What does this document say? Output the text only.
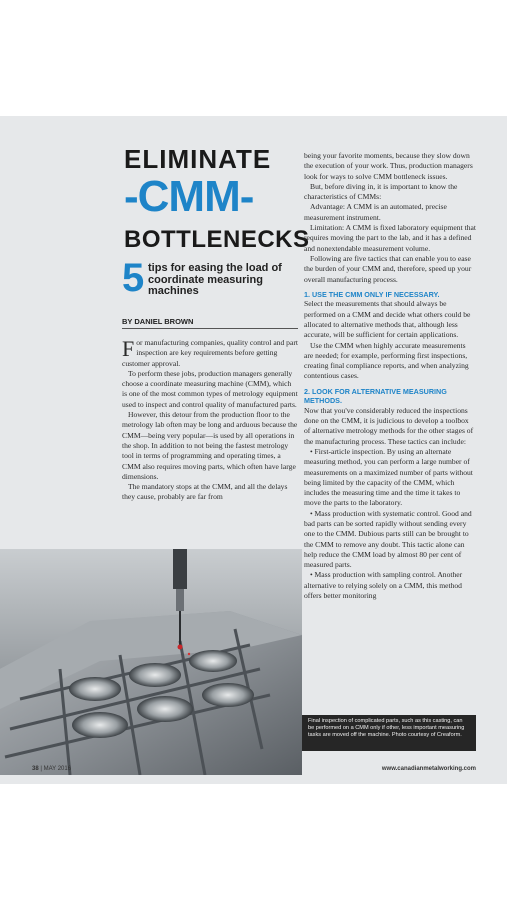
ELIMINATE
-CMM-
BOTTLENECKS
5 tips for easing the load of coordinate measuring machines
BY DANIEL BROWN

For manufacturing companies, quality control and part inspection are key requirements before getting customer approval.

To perform these jobs, production managers generally choose a coordinate measuring machine (CMM), which is one of the most common types of metrology equipment used to inspect and control quality of manufactured parts.

However, this detour from the production floor to the metrology lab often may be long and arduous because the CMM—being very popular—is used by all operations in the shop. In addition to not being the fastest metrology tool in terms of programming and operating times, a CMM also requires moving parts, which often have large dimensions.

The mandatory stops at the CMM, and all the delays they cause, probably are far from

being your favorite moments, because they slow down the execution of your work. Thus, production managers look for ways to solve CMM bottleneck issues.

But, before diving in, it is important to know the characteristics of CMMs:

Advantage: A CMM is an automated, precise measurement instrument.

Limitation: A CMM is fixed laboratory equipment that requires moving the part to the lab, and it has a defined and nonextendable measurement volume.

Following are five tactics that can enable you to ease the burden of your CMM and, therefore, speed up your overall manufacturing process.

1. USE THE CMM ONLY IF NECESSARY.

Select the measurements that should always be performed on a CMM and decide what others could be allocated to alternative methods that, although less accurate, will be sufficient for certain applications.

Use the CMM when highly accurate measurements are needed; for example, performing first inspections, creating final compliance reports, and when analyzing contentious cases.

2. LOOK FOR ALTERNATIVE MEASURING METHODS.

Now that you've considerably reduced the inspections done on the CMM, it is judicious to develop a toolbox of alternative metrology methods for the other stages of the manufacturing process. These tactics can include:

• First-article inspection. By using an alternate measuring method, you can perform a large number of measurements on a maximized number of parts without being limited by the capacity of the CMM, which includes the measuring time and the time it takes to move the parts to the laboratory.

• Mass production with systematic control. Good and bad parts can be sorted rapidly without sending every one to the CMM. Dubious parts still can be brought to the CMM to remove any doubt. This tactic alone can help reduce the CMM load by almost 80 per cent of measured parts.

• Mass production with sampling control. Another alternative to relying solely on a CMM, this method offers better monitoring

Final inspection of complicated parts, such as this casting, can be performed on a CMM only if other, less important measuring tasks are moved off the machine. Photo courtesy of Creaform.
38 | MAY 2016	www.canadianmetalworking.com
